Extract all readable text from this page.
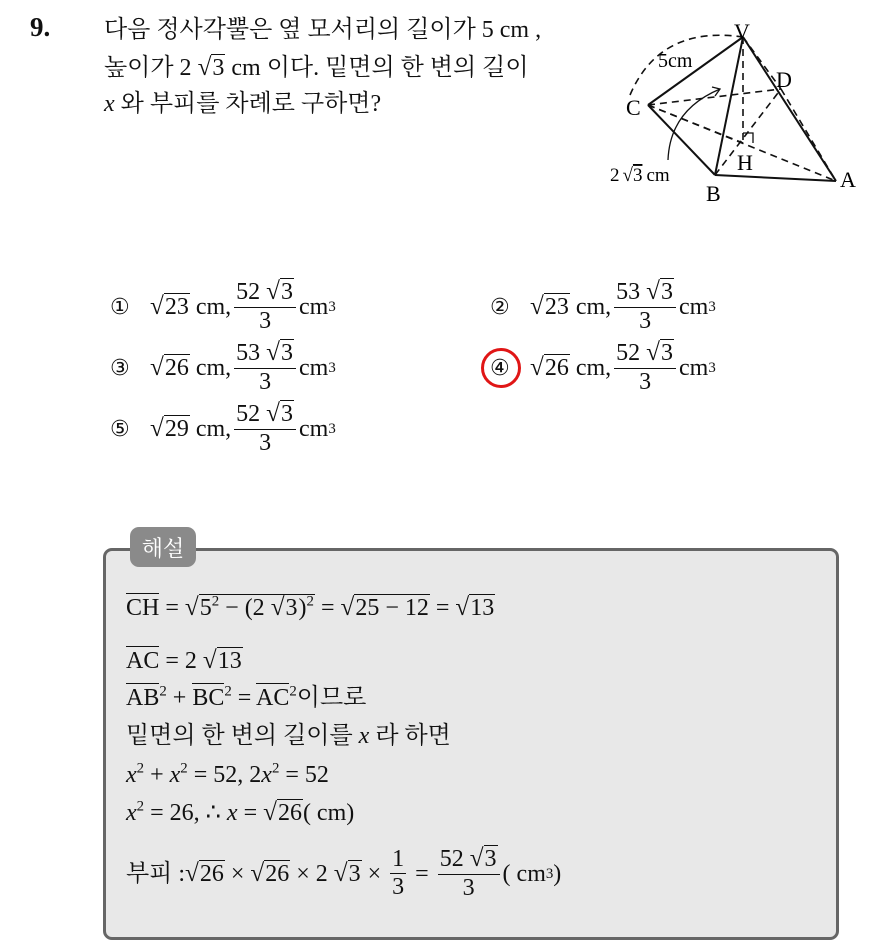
9. 다음 정사각뿔은 옆 모서리의 길이가 5 cm ,
높이가 2 √3 cm 이다. 밑면의 한 변의 길이
x 와 부피를 차례로 구하면?
V
D
C
H
B
A
5cm
2 √3 cm
① √23 cm, $\frac{52 √3}{3}$ cm 3	② √23 cm, $\frac{53 √3}{3}$ cm 3
③ √26 cm, $\frac{53 √3}{3}$ cm 3	④ √26 cm, $\frac{52 √3}{3}$ cm 3
⑤ √29 cm, $\frac{52 √3}{3}$ cm 3
해설
CH = $√5^2 - (2$ √3)$^2$ = √25 − 12 = √13
AC = 2 √13
$AB^2 + BC^2 = AC^2$이므로
밑면의 한 변의 길이를 x 라 하면
$x^2 + x^2 = 52$, $2x^2 = 52$
$x^2 = 26$, ∴ x = √26( cm)
부피 : √26 × √26 × 2 $√3 \times \frac{1}{3} = \frac{52 √3}{3}$ ( cm 3 )
